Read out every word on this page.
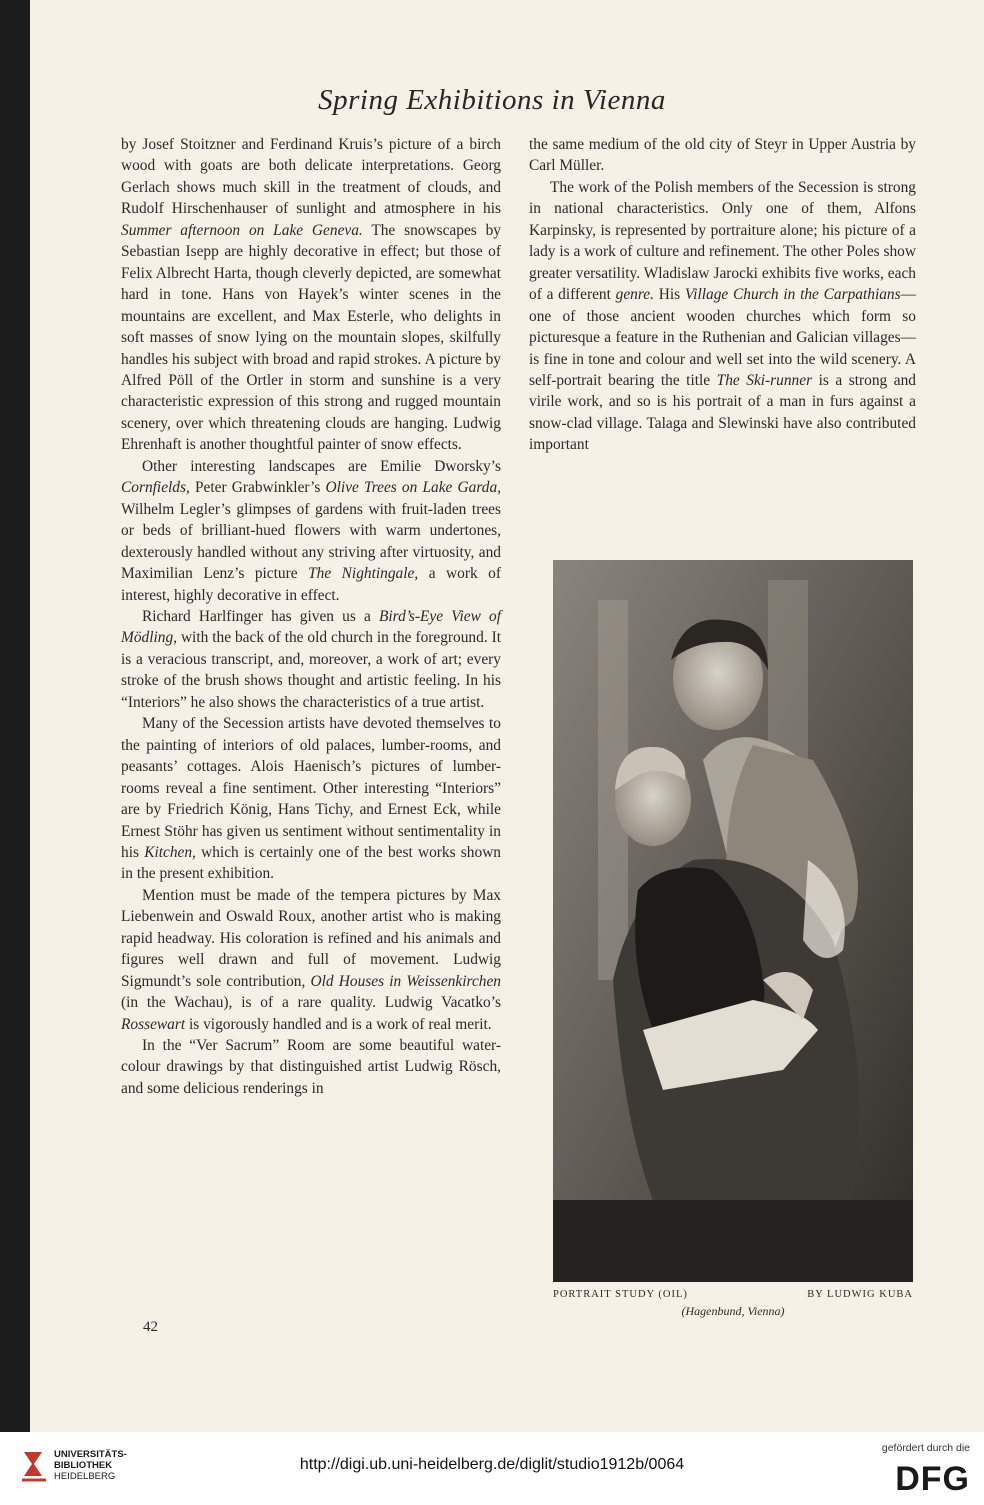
Spring Exhibitions in Vienna

by Josef Stoitzner and Ferdinand Kruis’s picture of a birch wood with goats are both delicate interpretations. Georg Gerlach shows much skill in the treatment of clouds, and Rudolf Hirschenhauser of sunlight and atmosphere in his Summer afternoon on Lake Geneva. The snowscapes by Sebastian Isepp are highly decorative in effect; but those of Felix Albrecht Harta, though cleverly depicted, are somewhat hard in tone. Hans von Hayek’s winter scenes in the mountains are excellent, and Max Esterle, who delights in soft masses of snow lying on the mountain slopes, skilfully handles his subject with broad and rapid strokes. A picture by Alfred Pöll of the Ortler in storm and sunshine is a very characteristic expression of this strong and rugged mountain scenery, over which threatening clouds are hanging. Ludwig Ehrenhaft is another thoughtful painter of snow effects.

Other interesting landscapes are Emilie Dworsky’s Cornfields, Peter Grabwinkler’s Olive Trees on Lake Garda, Wilhelm Legler’s glimpses of gardens with fruit-laden trees or beds of brilliant-hued flowers with warm undertones, dexterously handled without any striving after virtuosity, and Maximilian Lenz’s picture The Nightingale, a work of interest, highly decorative in effect.

Richard Harlfinger has given us a Bird’s-Eye View of Mödling, with the back of the old church in the foreground. It is a veracious transcript, and, moreover, a work of art; every stroke of the brush shows thought and artistic feeling. In his “Interiors” he also shows the characteristics of a true artist.

Many of the Secession artists have devoted themselves to the painting of interiors of old palaces, lumber-rooms, and peasants’ cottages. Alois Haenisch’s pictures of lumber-rooms reveal a fine sentiment. Other interesting “Interiors” are by Friedrich König, Hans Tichy, and Ernest Eck, while Ernest Stöhr has given us sentiment without sentimentality in his Kitchen, which is certainly one of the best works shown in the present exhibition.

Mention must be made of the tempera pictures by Max Liebenwein and Oswald Roux, another artist who is making rapid headway. His coloration is refined and his animals and figures well drawn and full of movement. Ludwig Sigmundt’s sole contribution, Old Houses in Weissenkirchen (in the Wachau), is of a rare quality. Ludwig Vacatko’s Rossewart is vigorously handled and is a work of real merit.

In the “Ver Sacrum” Room are some beautiful water-colour drawings by that distinguished artist Ludwig Rösch, and some delicious renderings in

the same medium of the old city of Steyr in Upper Austria by Carl Müller.

The work of the Polish members of the Secession is strong in national characteristics. Only one of them, Alfons Karpinsky, is represented by portraiture alone; his picture of a lady is a work of culture and refinement. The other Poles show greater versatility. Wladislaw Jarocki exhibits five works, each of a different genre. His Village Church in the Carpathians—one of those ancient wooden churches which form so picturesque a feature in the Ruthenian and Galician villages—is fine in tone and colour and well set into the wild scenery. A self-portrait bearing the title The Ski-runner is a strong and virile work, and so is his portrait of a man in furs against a snow-clad village. Talaga and Slewinski have also contributed important

PORTRAIT STUDY (OIL)	BY LUDWIG KUBA
(Hagenbund, Vienna)
42
UNIVERSITÄTS-
BIBLIOTHEK
HEIDELBERG
http://digi.ub.uni-heidelberg.de/diglit/studio1912b/0064
gefördert durch die
DFG
